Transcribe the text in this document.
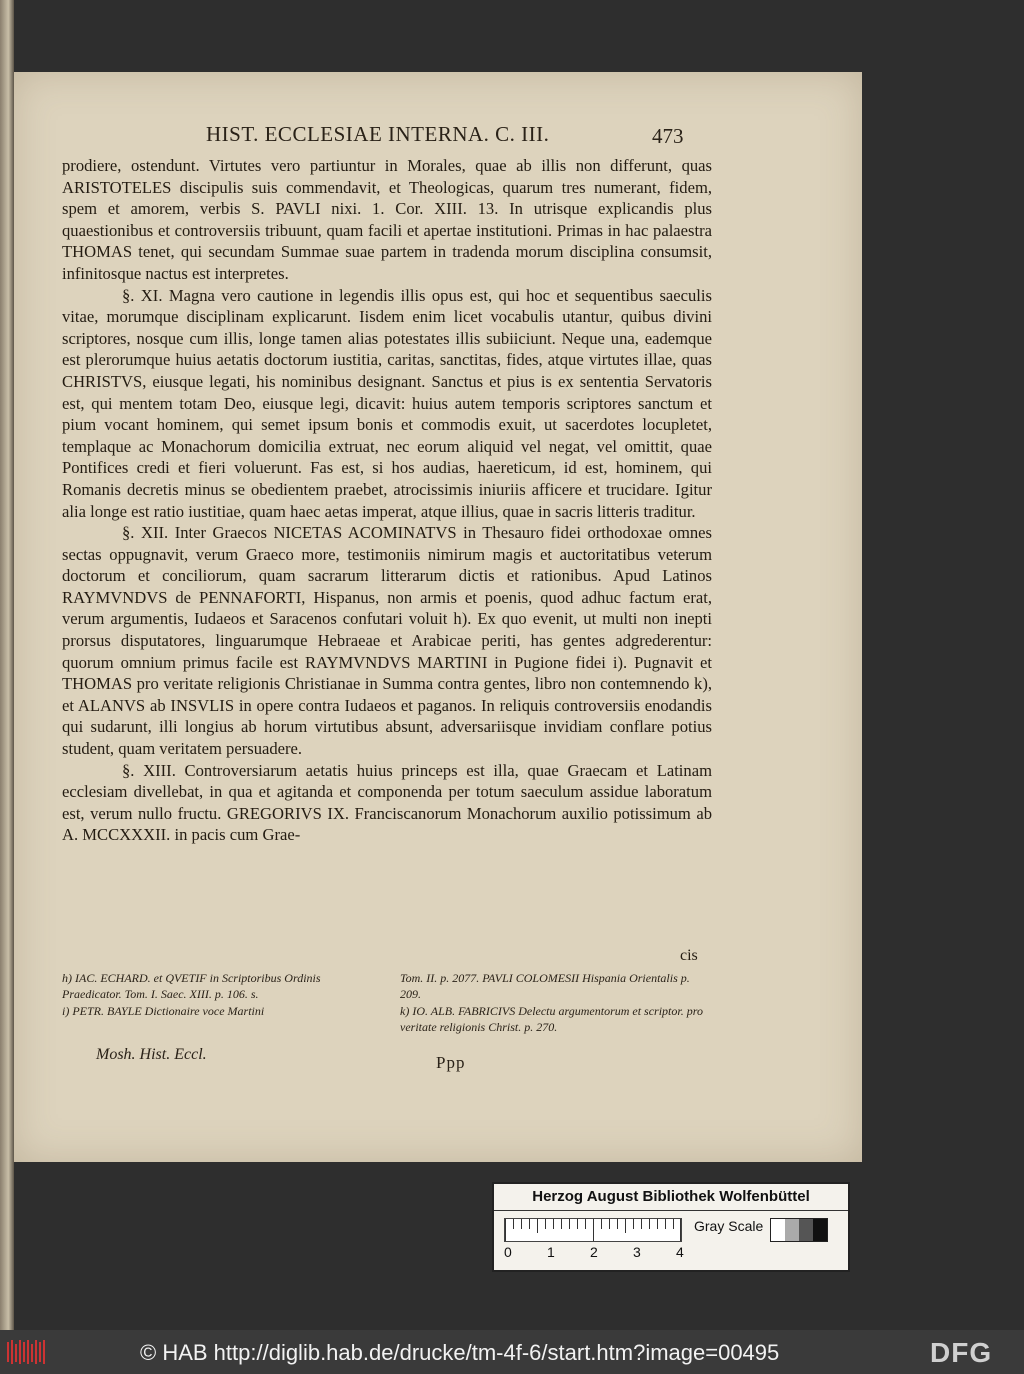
HIST. ECCLESIAE INTERNA. C. III.	473

prodiere, ostendunt. Virtutes vero partiuntur in Morales, quae ab illis non differunt, quas ARISTOTELES discipulis suis commendavit, et Theologicas, quarum tres numerant, fidem, spem et amorem, verbis S. PAVLI nixi. 1. Cor. XIII. 13. In utrisque explicandis plus quaestionibus et controversiis tribuunt, quam facili et apertae institutioni. Primas in hac palaestra THOMAS tenet, qui secundam Summae suae partem in tradenda morum disciplina consumsit, infinitosque nactus est interpretes.

§. XI. Magna vero cautione in legendis illis opus est, qui hoc et sequentibus saeculis vitae, morumque disciplinam explicarunt. Iisdem enim licet vocabulis utantur, quibus divini scriptores, nosque cum illis, longe tamen alias potestates illis subiiciunt. Neque una, eademque est plerorumque huius aetatis doctorum iustitia, caritas, sanctitas, fides, atque virtutes illae, quas CHRISTVS, eiusque legati, his nominibus designant. Sanctus et pius is ex sententia Servatoris est, qui mentem totam Deo, eiusque legi, dicavit: huius autem temporis scriptores sanctum et pium vocant hominem, qui semet ipsum bonis et commodis exuit, ut sacerdotes locupletet, templaque ac Monachorum domicilia extruat, nec eorum aliquid vel negat, vel omittit, quae Pontifices credi et fieri voluerunt. Fas est, si hos audias, haereticum, id est, hominem, qui Romanis decretis minus se obedientem praebet, atrocissimis iniuriis afficere et trucidare. Igitur alia longe est ratio iustitiae, quam haec aetas imperat, atque illius, quae in sacris litteris traditur.

§. XII. Inter Graecos NICETAS ACOMINATVS in Thesauro fidei orthodoxae omnes sectas oppugnavit, verum Graeco more, testimoniis nimirum magis et auctoritatibus veterum doctorum et conciliorum, quam sacrarum litterarum dictis et rationibus. Apud Latinos RAYMVNDVS de PENNAFORTI, Hispanus, non armis et poenis, quod adhuc factum erat, verum argumentis, Iudaeos et Saracenos confutari voluit h). Ex quo evenit, ut multi non inepti prorsus disputatores, linguarumque Hebraeae et Arabicae periti, has gentes adgrederentur: quorum omnium primus facile est RAYMVNDVS MARTINI in Pugione fidei i). Pugnavit et THOMAS pro veritate religionis Christianae in Summa contra gentes, libro non contemnendo k), et ALANVS ab INSVLIS in opere contra Iudaeos et paganos. In reliquis controversiis enodandis qui sudarunt, illi longius ab horum virtutibus absunt, adversariisque invidiam conflare potius student, quam veritatem persuadere.

§. XIII. Controversiarum aetatis huius princeps est illa, quae Graecam et Latinam ecclesiam divellebat, in qua et agitanda et componenda per totum saeculum assidue laboratum est, verum nullo fructu. GREGORIVS IX. Franciscanorum Monachorum auxilio potissimum ab A. MCCXXXII. in pacis cum Grae-

cis

h) IAC. ECHARD. et QVETIF in Scriptoribus Ordinis Praedicator. Tom. I. Saec. XIII. p. 106. s.

i) PETR. BAYLE Dictionaire voce Martini

Tom. II. p. 2077. PAVLI COLOMESII Hispania Orientalis p. 209.

k) IO. ALB. FABRICIVS Delectu argumentorum et scriptor. pro veritate religionis Christ. p. 270.

Mosh. Hist. Eccl.	Ppp
Herzog August Bibliothek Wolfenbüttel
0	1	2	3	4
Gray Scale
© HAB http://diglib.hab.de/drucke/tm-4f-6/start.htm?image=00495	DFG
